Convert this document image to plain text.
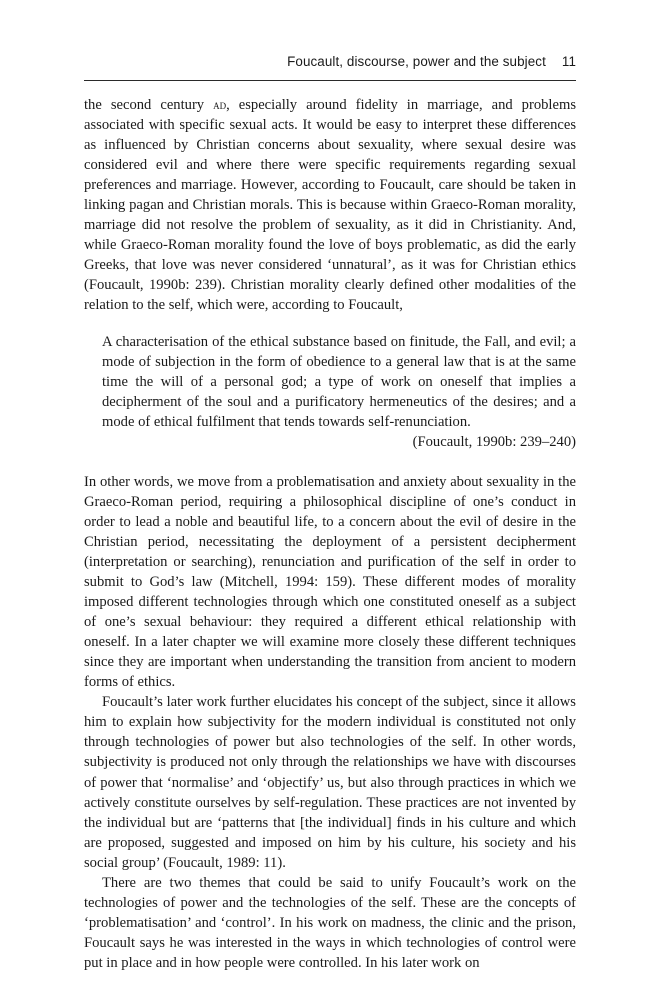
Foucault, discourse, power and the subject 11

the second century ad, especially around fidelity in marriage, and problems associated with specific sexual acts. It would be easy to interpret these differences as influenced by Christian concerns about sexuality, where sexual desire was considered evil and where there were specific requirements regarding sexual preferences and marriage. However, according to Foucault, care should be taken in linking pagan and Christian morals. This is because within Graeco-Roman morality, marriage did not resolve the problem of sexuality, as it did in Christianity. And, while Graeco-Roman morality found the love of boys problematic, as did the early Greeks, that love was never considered ‘unnatural’, as it was for Christian ethics (Foucault, 1990b: 239). Christian morality clearly defined other modalities of the relation to the self, which were, according to Foucault,

A characterisation of the ethical substance based on finitude, the Fall, and evil; a mode of subjection in the form of obedience to a general law that is at the same time the will of a personal god; a type of work on oneself that implies a decipherment of the soul and a purificatory hermeneutics of the desires; and a mode of ethical fulfilment that tends towards self-renunciation.

(Foucault, 1990b: 239–240)

In other words, we move from a problematisation and anxiety about sexuality in the Graeco-Roman period, requiring a philosophical discipline of one’s conduct in order to lead a noble and beautiful life, to a concern about the evil of desire in the Christian period, necessitating the deployment of a persistent decipherment (interpretation or searching), renunciation and purification of the self in order to submit to God’s law (Mitchell, 1994: 159). These different modes of morality imposed different technologies through which one constituted oneself as a subject of one’s sexual behaviour: they required a different ethical relationship with oneself. In a later chapter we will examine more closely these different techniques since they are important when understanding the transition from ancient to modern forms of ethics.

Foucault’s later work further elucidates his concept of the subject, since it allows him to explain how subjectivity for the modern individual is constituted not only through technologies of power but also technologies of the self. In other words, subjectivity is produced not only through the relationships we have with discourses of power that ‘normalise’ and ‘objectify’ us, but also through practices in which we actively constitute ourselves by self-regulation. These practices are not invented by the individual but are ‘patterns that [the individual] finds in his culture and which are proposed, suggested and imposed on him by his culture, his society and his social group’ (Foucault, 1989: 11).

There are two themes that could be said to unify Foucault’s work on the technologies of power and the technologies of the self. These are the concepts of ‘problematisation’ and ‘control’. In his work on madness, the clinic and the prison, Foucault says he was interested in the ways in which technologies of control were put in place and in how people were controlled. In his later work on
